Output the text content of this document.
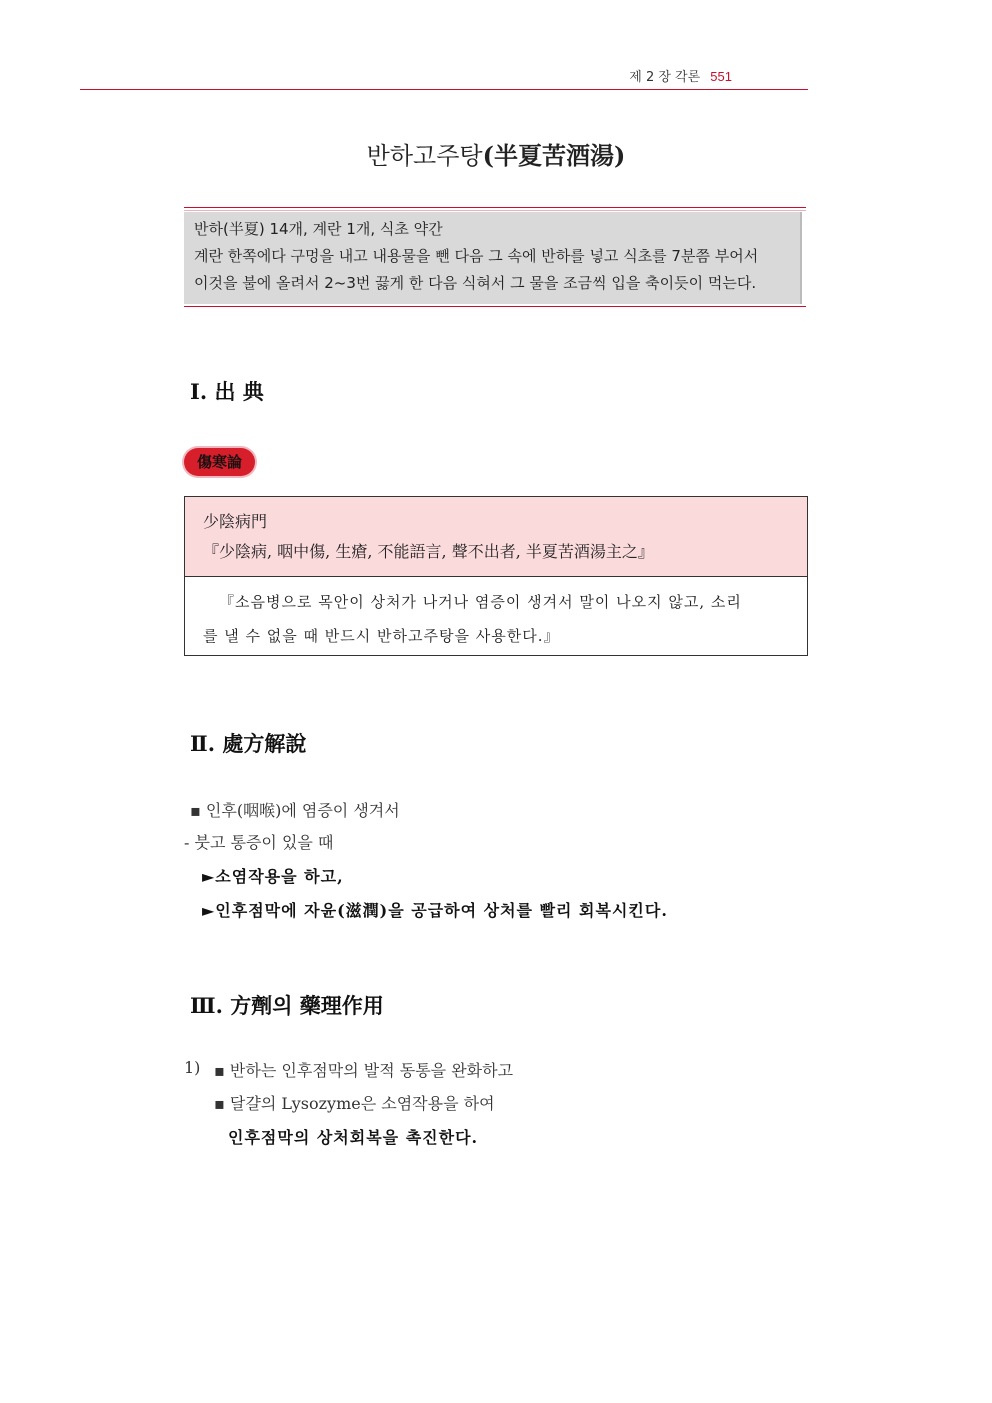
제 2 장 각론 551
반하고주탕(半夏苦酒湯)
반하(半夏) 14개, 계란 1개, 식초 약간
계란 한쪽에다 구멍을 내고 내용물을 뺀 다음 그 속에 반하를 넣고 식초를 7분쯤 부어서
이것을 불에 올려서 2~3번 끓게 한 다음 식혀서 그 물을 조금씩 입을 축이듯이 먹는다.
Ⅰ. 出 典
傷寒論
少陰病門
『少陰病, 咽中傷, 生瘡, 不能語言, 聲不出者, 半夏苦酒湯主之』
『소음병으로 목안이 상처가 나거나 염증이 생겨서 말이 나오지 않고, 소리
를 낼 수 없을 때 반드시 반하고주탕을 사용한다.』
Ⅱ. 處方解說
▪ 인후(咽喉)에 염증이 생겨서
- 붓고 통증이 있을 때
►소염작용을 하고,
►인후점막에 자윤(滋潤)을 공급하여 상처를 빨리 회복시킨다.
Ⅲ. 方劑의 藥理作用
1) ▪ 반하는 인후점막의 발적 동통을 완화하고
▪ 달걀의 Lysozyme은 소염작용을 하여
인후점막의 상처회복을 촉진한다.
